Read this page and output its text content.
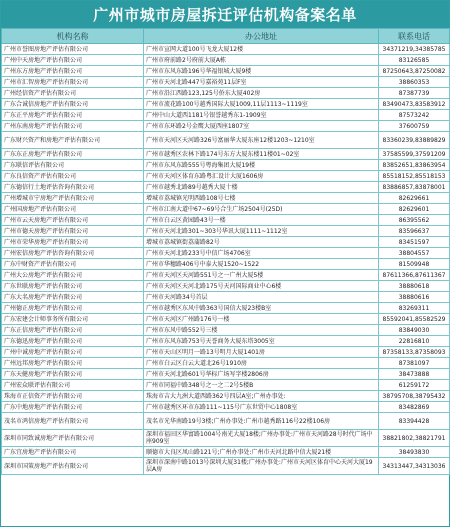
广州市城市房屋拆迁评估机构备案名单
机构名称	办公地址	联系电话
广州市誉图房地产评估有限公司	广州市宣网大道100号飞龙大厦12楼	34371219,34385785
广州中天房地产评估有限公司	广州市府前路2号府前大厦A栋	83126585
广州东方房地产评估有限公司	广州市东风东路196号华福银城大厦9楼	87250643,87250082
广州市汇智房地产评估有限公司	广州市天河北路447号嘉裕苑11层F室	38860353
广州经信资产评估有限公司	广州市沿江西路123,125号侨东大厦402房	87387739
广东合诚信房地产评估有限公司	广州市流花路100号越秀国际大厦1009,11层1113~1119室	83490473,83583912
广东正平房地产评估有限公司	广州中山大道西1181号银誉越秀东1-1909室	87573242
广州东南房地产评估有限公司	广州市东环路2号金鹰大厦西座1807室	37600759
广东财兴资产和房地产评估有限公司	广州市天河区天河路326号富丽华大厦东座12楼1203~1210室	83360239,83889829
广东东正房地产评估有限公司	广州市越秀区农林下路174号东方大厦东楼11楼01~02室	37585599,37591209
广东联信评估有限公司	广州市东风东路555号粤海集团大厦19楼	83852651,83863954
广东良信资产评估有限公司	广州市天河区体育东路粤汇设计大厦1606房	85518152,85518153
广东德信行土地评估咨询有限公司	广州市越秀北路89号越秀大厦十楼	83886857,83878001
广州增城市宁房地产评估有限公司	增城市荔城镇光明西路108号七楼	82629661
广州国房地产评估有限公司	广州市江南大道中67~69号合生广场2504号(25D)	82629601
广州市云天房地产评估有限公司	广州市白云区黄园路43号一楼	86395562
广州市德天房地产评估有限公司	广州市天河北路301~303号华讯大厦1111~1112室	83596637
广州市荣华房地产评估有限公司	增城市荔城镇街荔蒲路82号	83451597
广州宏信房地产评估咨询有限公司	广州市天河北路233号中信广场4706室	38804557
广东中财资产评估有限公司	广州市华穗路406号中泰大厦1520~1522	81509948
广州大公房地产评估有限公司	广州市天河区天河路551号之一广州大厦5楼	87611366,87611367
广东世联房地产评估有限公司	广州市天河区天河北路175号天河国际商业中心6楼	38880618
广东大名房地产评估有限公司	广州市天河路34号首层	38880616
广州德正房地产评估有限公司	广州市越秀区东风中路363号国信大厦23楼B室	83269311
广东宏建会计师事务所有限公司	广州市天河区广州路176号一楼	85592041,85582529
广东正信房地产评估有限公司	广州市东风中路552号三楼	83849030
广东德迅房地产评估有限公司	广州市东风东路753号天誉商务大厦东塔3005室	22816810
广州中诚房地产评估有限公司	广州市天山区明月一路13号明月大厦1401房	87358133,87358093
广州远邦房地产评估有限公司	广州市白云区白云大道北26号1910房	87381097
广东天健房地产评估有限公司	广州市天河北路601号华标广场写字楼2806房	38473888
广州宏众联评估有限公司	广州市同福中路348号之一之二2号5楼B	61259172
珠海市正信资产评估有限公司	珠海市吉大九洲大道西路362号四层A室;广州办事处:	38795708,38795432
广东中地房地产评估有限公司	广州市越秀区环市东路111~115号广东世贸中心1808室	83482869
茂名市鸿信房地产评估有限公司	茂名市光华南路19号3楼;广州办事处:广州市越秀路116号22楼106房	83394428
深圳市同致诚房地产评估有限公司	深圳市福田区华富路1004号南光大厦18楼;广州办事处:广州市天河路28号时代广场中座909室	38821802,38821791
广东宜房地产评估有限公司	顺德市大良区凤山路121号;广州办事处:广州市天河北路中信大厦21楼	38493830
深圳市国策房地产评估有限公司	深圳市深南中路1013号深圳大厦31楼;广州办事处:广州市天河区体育中心天河大厦19层A房	34313447,34313036
